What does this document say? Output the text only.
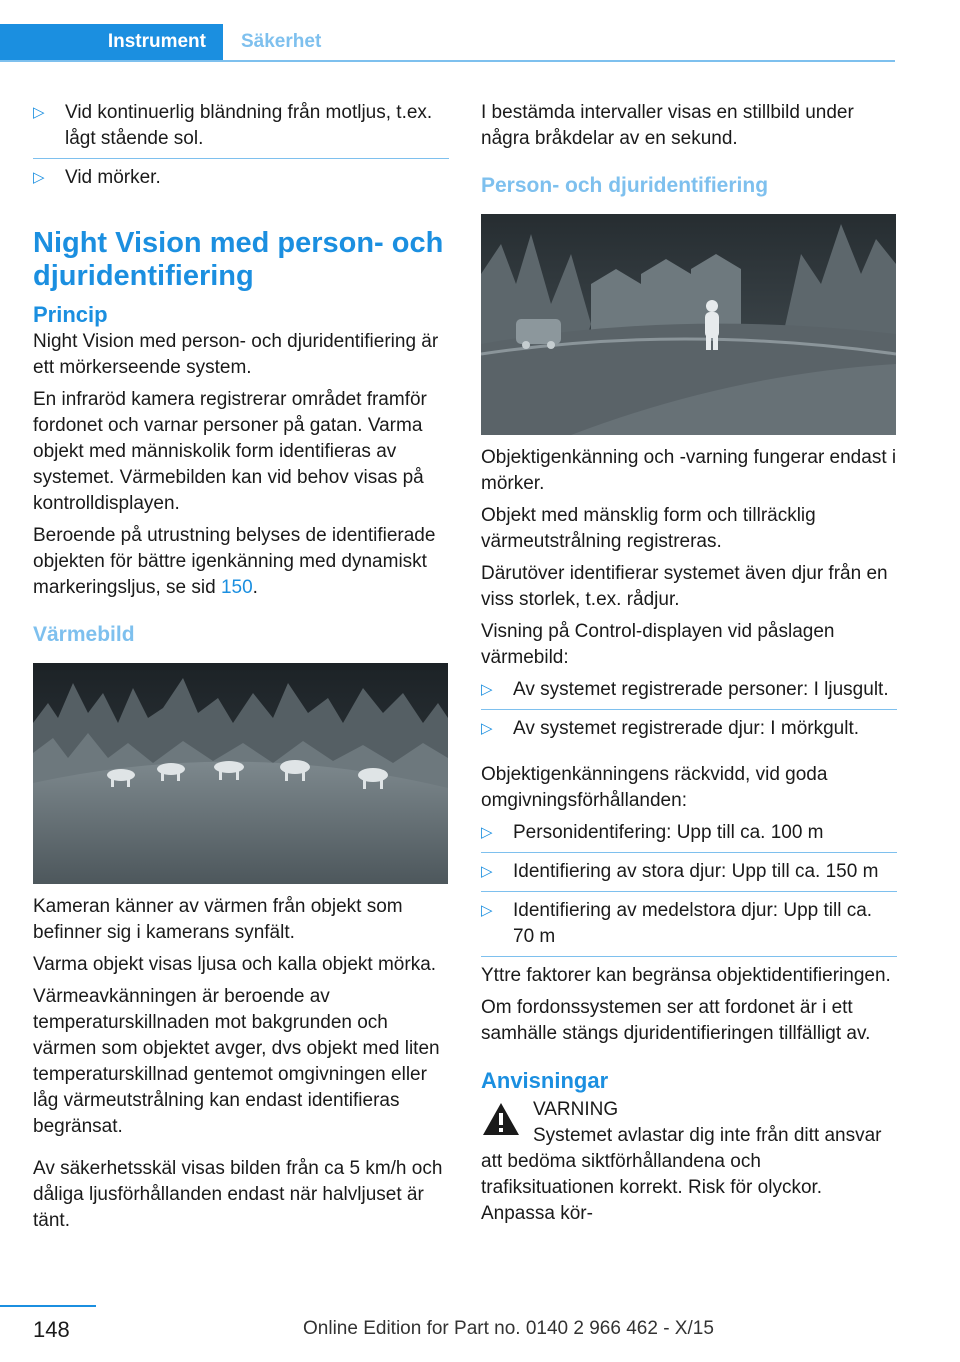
Instrument Säkerhet
▷ Vid kontinuerlig bländning från motljus, t.ex. lågt stående sol.
▷ Vid mörker.
Night Vision med person- och djuridentifiering
Princip

Night Vision med person- och djuridentifiering är ett mörkerseende system.

En infraröd kamera registrerar området framför fordonet och varnar personer på gatan. Varma objekt med människolik form identifieras av systemet. Värmebilden kan vid behov visas på kontrolldisplayen.

Beroende på utrustning belyses de identifierade objekten för bättre igenkänning med dynamiskt markeringsljus, se sid 150.

Värmebild

Kameran känner av värmen från objekt som befinner sig i kamerans synfält.

Varma objekt visas ljusa och kalla objekt mörka.

Värmeavkänningen är beroende av temperaturskillnaden mot bakgrunden och värmen som objektet avger, dvs objekt med liten temperaturskillnad gentemot omgivningen eller låg värmeutstrålning kan endast identifieras begränsat.

Av säkerhetsskäl visas bilden från ca 5 km/h och dåliga ljusförhållanden endast när halvljuset är tänt.

I bestämda intervaller visas en stillbild under några bråkdelar av en sekund.

Person- och djuridentifiering

Objektigenkänning och -varning fungerar endast i mörker.

Objekt med mänsklig form och tillräcklig värmeutstrålning registreras.

Därutöver identifierar systemet även djur från en viss storlek, t.ex. rådjur.

Visning på Control-displayen vid påslagen värmebild:

▷ Av systemet registrerade personer: I ljusgult.
▷ Av systemet registrerade djur: I mörkgult.

Objektigenkänningens räckvidd, vid goda omgivningsförhållanden:

▷ Personidentifering: Upp till ca. 100 m
▷ Identifiering av stora djur: Upp till ca. 150 m
▷ Identifiering av medelstora djur: Upp till ca. 70 m

Yttre faktorer kan begränsa objektidentifieringen.

Om fordonssystemen ser att fordonet är i ett samhälle stängs djuridentifieringen tillfälligt av.

Anvisningar

VARNING

Systemet avlastar dig inte från ditt ansvar att bedöma siktförhållandena och trafiksituationen korrekt. Risk för olyckor. Anpassa kör-

148	Online Edition for Part no. 0140 2 966 462 - X/15
